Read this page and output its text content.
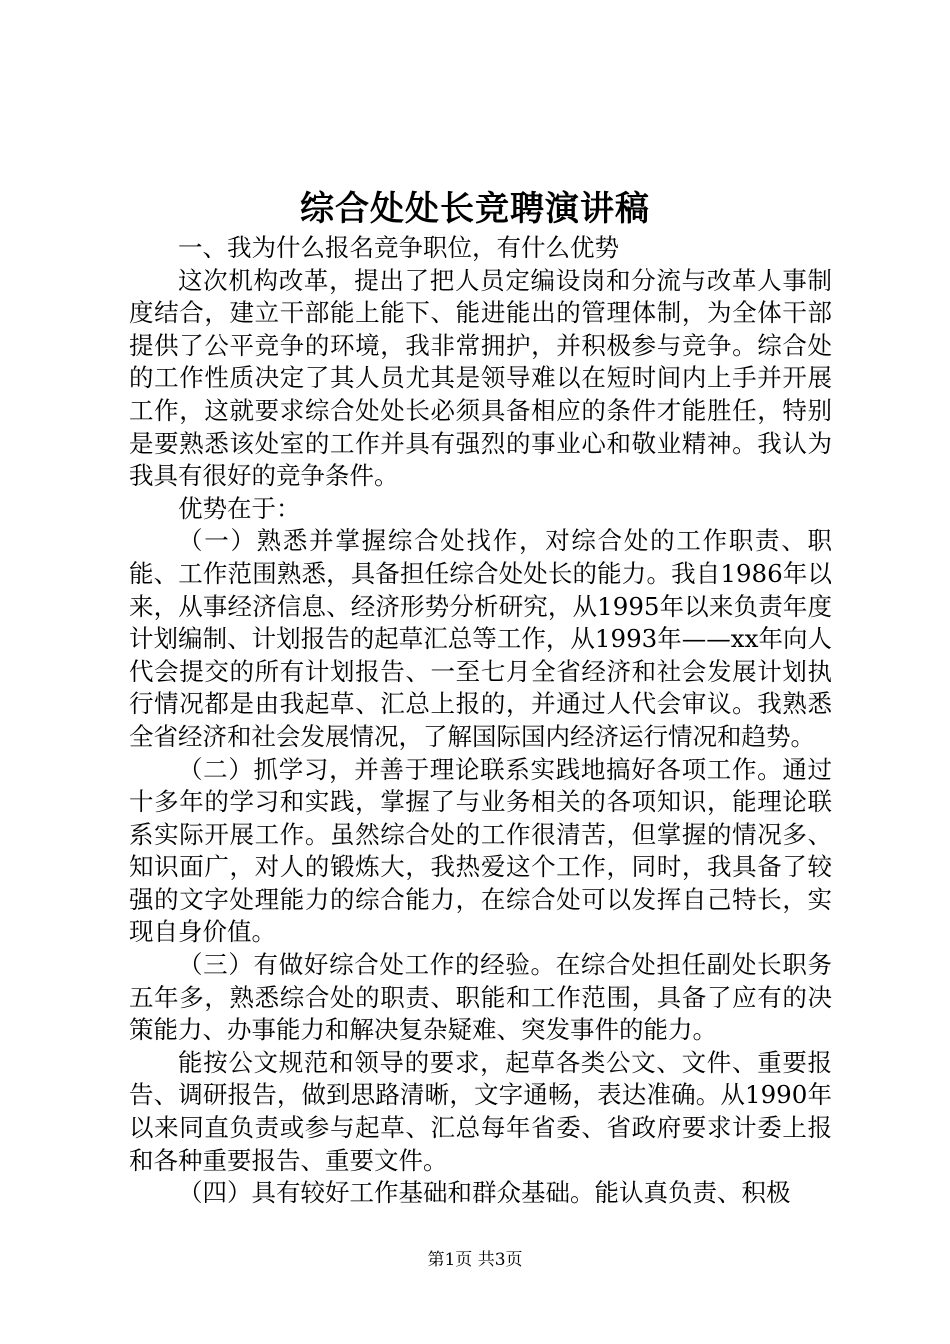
综合处处长竞聘演讲稿

一、我为什么报名竞争职位，有什么优势

这次机构改革，提出了把人员定编设岗和分流与改革人事制度结合，建立干部能上能下、能进能出的管理体制，为全体干部提供了公平竞争的环境，我非常拥护，并积极参与竞争。综合处的工作性质决定了其人员尤其是领导难以在短时间内上手并开展工作，这就要求综合处处长必须具备相应的条件才能胜任，特别是要熟悉该处室的工作并具有强烈的事业心和敬业精神。我认为我具有很好的竞争条件。

优势在于：

（一）熟悉并掌握综合处找作，对综合处的工作职责、职能、工作范围熟悉，具备担任综合处处长的能力。我自1986年以来，从事经济信息、经济形势分析研究，从1995年以来负责年度计划编制、计划报告的起草汇总等工作，从1993年——xx年向人代会提交的所有计划报告、一至七月全省经济和社会发展计划执行情况都是由我起草、汇总上报的，并通过人代会审议。我熟悉全省经济和社会发展情况，了解国际国内经济运行情况和趋势。

（二）抓学习，并善于理论联系实践地搞好各项工作。通过十多年的学习和实践，掌握了与业务相关的各项知识，能理论联系实际开展工作。虽然综合处的工作很清苦，但掌握的情况多、知识面广，对人的锻炼大，我热爱这个工作，同时，我具备了较强的文字处理能力的综合能力，在综合处可以发挥自己特长，实现自身价值。

（三）有做好综合处工作的经验。在综合处担任副处长职务五年多，熟悉综合处的职责、职能和工作范围，具备了应有的决策能力、办事能力和解决复杂疑难、突发事件的能力。

能按公文规范和领导的要求，起草各类公文、文件、重要报告、调研报告，做到思路清晰，文字通畅，表达准确。从1990年以来同直负责或参与起草、汇总每年省委、省政府要求计委上报和各种重要报告、重要文件。

（四）具有较好工作基础和群众基础。能认真负责、积极

第1页 共3页
